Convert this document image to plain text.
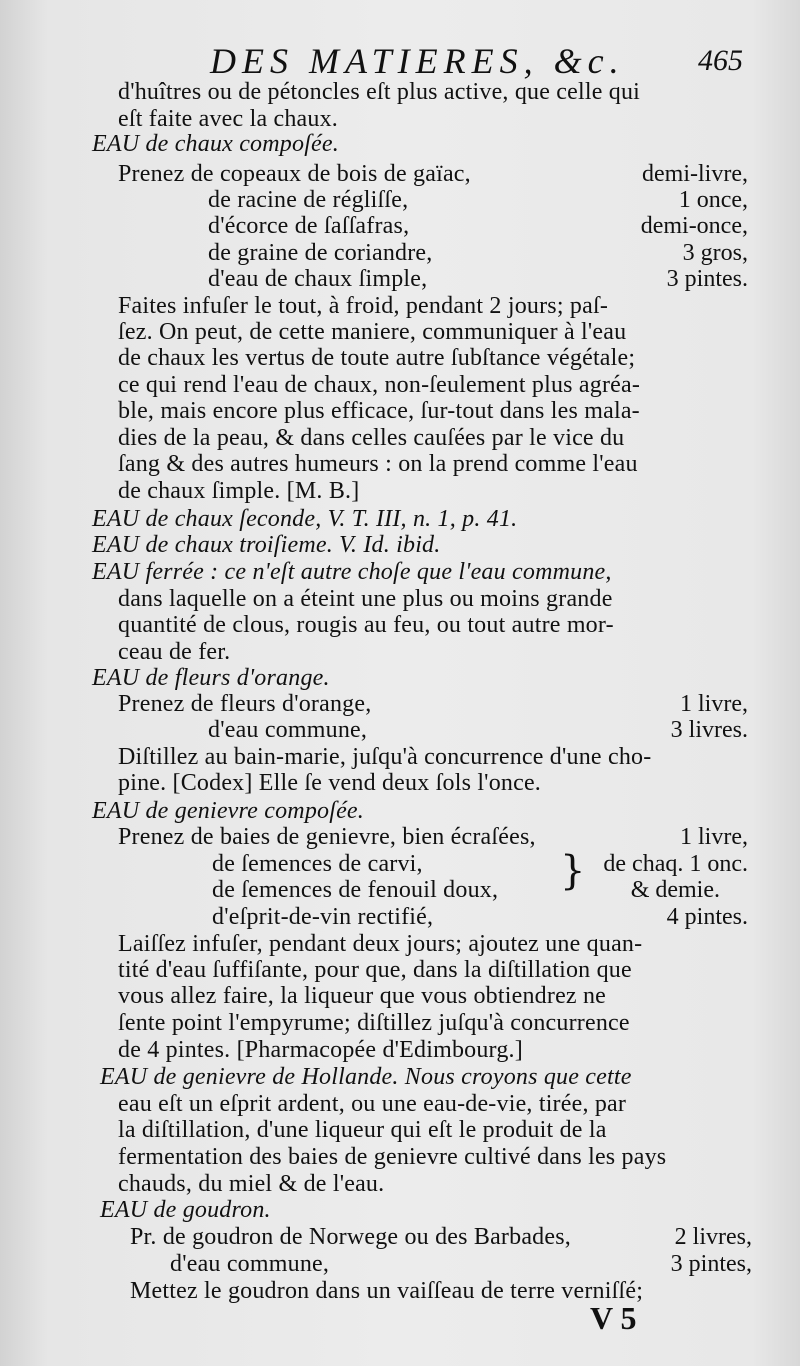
DES MATIERES, &c. 465
d'huîtres ou de pétoncles eſt plus active, que celle qui
eſt faite avec la chaux.
EAU de chaux compoſée.
Prenez de copeaux de bois de gaïac,	demi-livre,
de racine de régliſſe,	1 once,
d'écorce de ſaſſafras,	demi-once,
de graine de coriandre,	3 gros,
d'eau de chaux ſimple,	3 pintes.
Faites infuſer le tout, à froid, pendant 2 jours; paſ-
ſez. On peut, de cette maniere, communiquer à l'eau
de chaux les vertus de toute autre ſubſtance végétale;
ce qui rend l'eau de chaux, non-ſeulement plus agréa-
ble, mais encore plus efficace, ſur-tout dans les mala-
dies de la peau, & dans celles cauſées par le vice du
ſang & des autres humeurs : on la prend comme l'eau
de chaux ſimple. [M. B.]
EAU de chaux ſeconde, V. T. III, n. 1, p. 41.
EAU de chaux troiſieme. V. Id. ibid.
EAU ferrée : ce n'eſt autre choſe que l'eau commune,
dans laquelle on a éteint une plus ou moins grande
quantité de clous, rougis au feu, ou tout autre mor-
ceau de fer.
EAU de fleurs d'orange.
Prenez de fleurs d'orange,	1 livre,
d'eau commune,	3 livres.
Diſtillez au bain-marie, juſqu'à concurrence d'une cho-
pine. [Codex] Elle ſe vend deux ſols l'once.
EAU de genievre compoſée.
Prenez de baies de genievre, bien écraſées,	1 livre,
de ſemences de carvi,	de chaq. 1 onc.
de ſemences de fenouil doux,	& demie.
d'eſprit-de-vin rectifié,	4 pintes.
Laiſſez infuſer, pendant deux jours; ajoutez une quan-
tité d'eau ſuffiſante, pour que, dans la diſtillation que
vous allez faire, la liqueur que vous obtiendrez ne
ſente point l'empyrume; diſtillez juſqu'à concurrence
de 4 pintes. [Pharmacopée d'Edimbourg.]
EAU de genievre de Hollande. Nous croyons que cette
eau eſt un eſprit ardent, ou une eau-de-vie, tirée, par
la diſtillation, d'une liqueur qui eſt le produit de la
fermentation des baies de genievre cultivé dans les pays
chauds, du miel & de l'eau.
EAU de goudron.
Pr. de goudron de Norwege ou des Barbades,	2 livres,
d'eau commune,	3 pintes,
Mettez le goudron dans un vaiſſeau de terre verniſſé;
}
V 5
